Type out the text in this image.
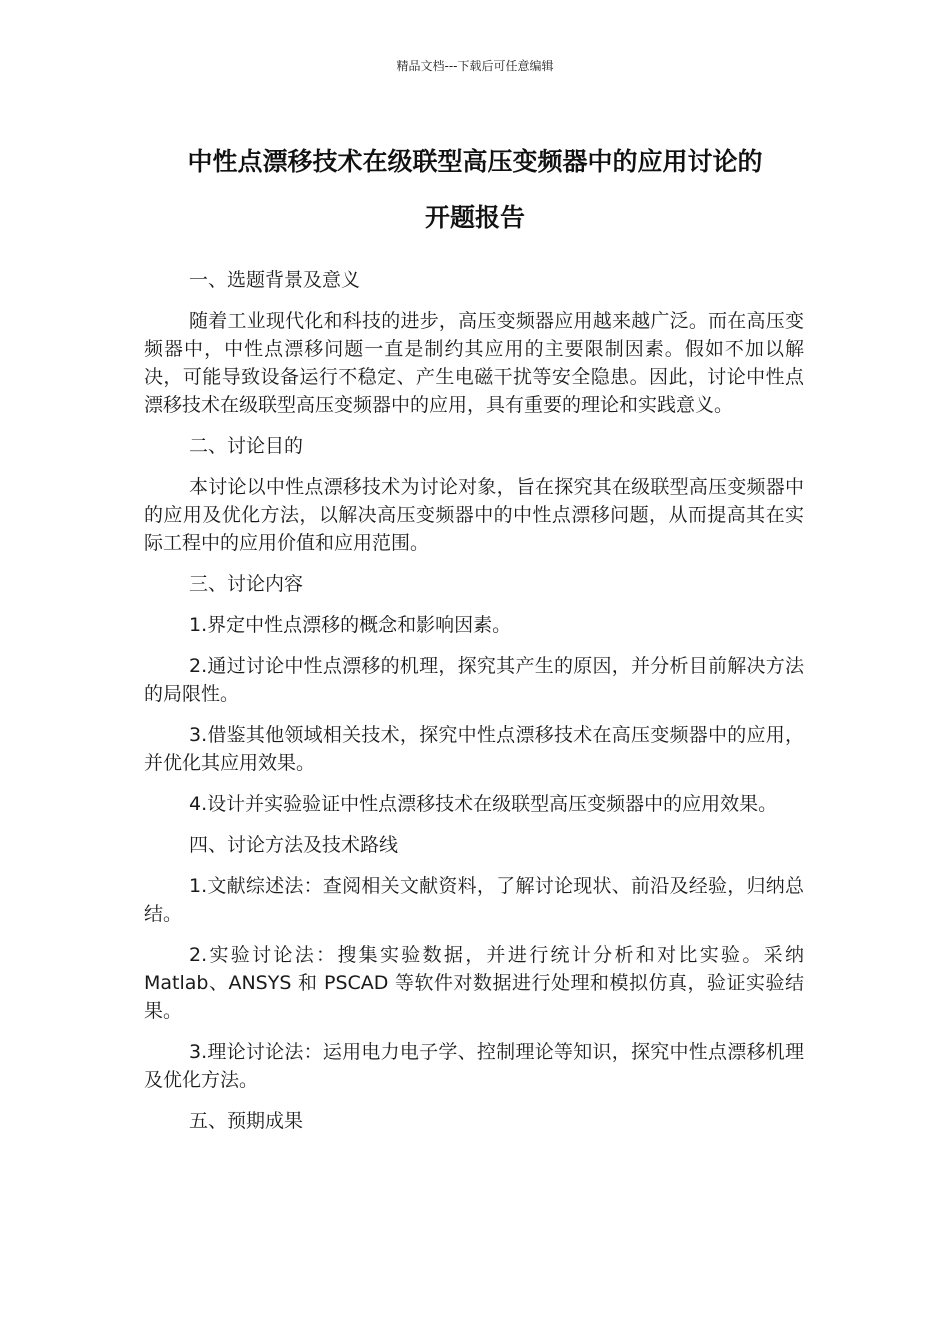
精品文档---下载后可任意编辑
中性点漂移技术在级联型高压变频器中的应用讨论的
开题报告

一、选题背景及意义

随着工业现代化和科技的进步，高压变频器应用越来越广泛。而在高压变频器中，中性点漂移问题一直是制约其应用的主要限制因素。假如不加以解决，可能导致设备运行不稳定、产生电磁干扰等安全隐患。因此，讨论中性点漂移技术在级联型高压变频器中的应用，具有重要的理论和实践意义。

二、讨论目的

本讨论以中性点漂移技术为讨论对象，旨在探究其在级联型高压变频器中的应用及优化方法，以解决高压变频器中的中性点漂移问题，从而提高其在实际工程中的应用价值和应用范围。

三、讨论内容

1.界定中性点漂移的概念和影响因素。

2.通过讨论中性点漂移的机理，探究其产生的原因，并分析目前解决方法的局限性。

3.借鉴其他领域相关技术，探究中性点漂移技术在高压变频器中的应用，并优化其应用效果。

4.设计并实验验证中性点漂移技术在级联型高压变频器中的应用效果。

四、讨论方法及技术路线

1.文献综述法：查阅相关文献资料，了解讨论现状、前沿及经验，归纳总结。

2.实验讨论法：搜集实验数据，并进行统计分析和对比实验。采纳 Matlab、ANSYS 和 PSCAD 等软件对数据进行处理和模拟仿真，验证实验结果。

3.理论讨论法：运用电力电子学、控制理论等知识，探究中性点漂移机理及优化方法。

五、预期成果
